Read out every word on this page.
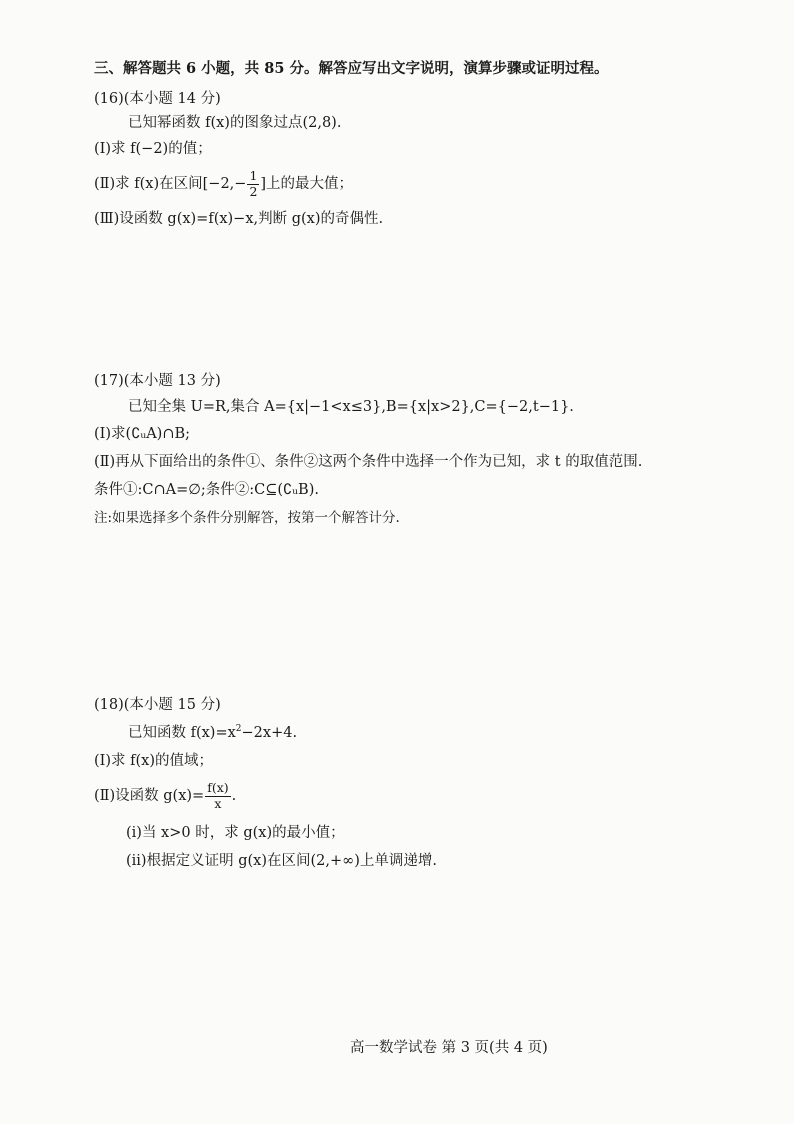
三、解答题共 6 小题，共 85 分。解答应写出文字说明，演算步骤或证明过程。
(16)(本小题 14 分)
已知幂函数 f(x)的图象过点(2,8).
(Ⅰ)求 f(−2)的值；
(Ⅱ)求 f(x)在区间[$-2,- \frac{1}{2}$ ]上的最大值；
(Ⅲ)设函数 g(x)=f(x)−x,判断 g(x)的奇偶性.
(17)(本小题 13 分)
已知全集 U=R,集合 A={x|−1<x≤3},B={x|x>2},C={−2,t−1}.
(Ⅰ)求(∁ᵤA)∩B;
(Ⅱ)再从下面给出的条件①、条件②这两个条件中选择一个作为已知，求 t 的取值范围.
条件①:C∩A=∅;条件②:C⊆(∁ᵤB).
注:如果选择多个条件分别解答，按第一个解答计分.
(18)(本小题 15 分)
已知函数 $f(x)=x^2-2x+4$.
(Ⅰ)求 f(x)的值域；
(Ⅱ)设函数 $g(x)= \frac{f(x)}{x}$ .
(ⅰ)当 x>0 时，求 g(x)的最小值；
(ⅱ)根据定义证明 g(x)在区间(2,+∞)上单调递增.
高一数学试卷 第 3 页(共 4 页)
